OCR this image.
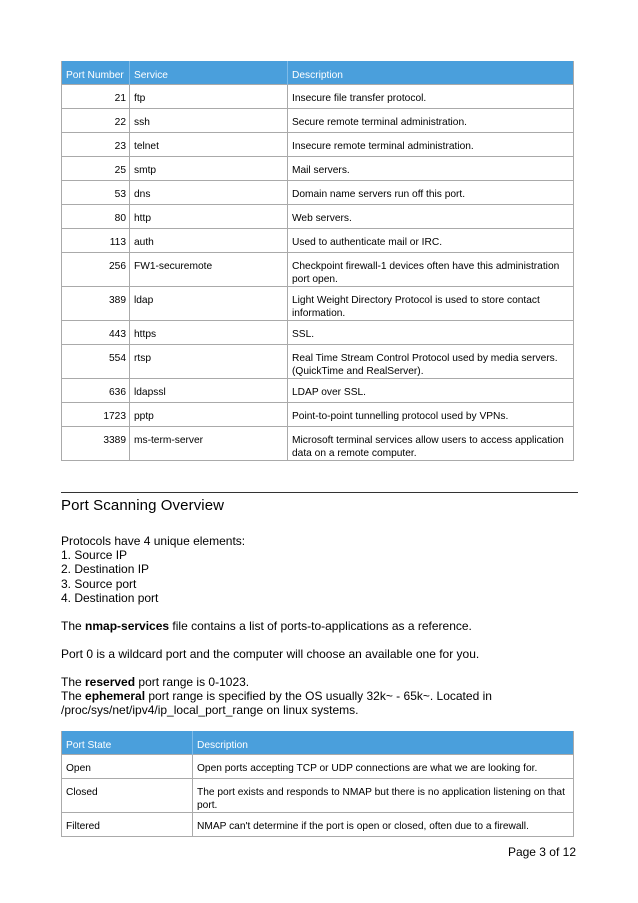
Port Number	Service	Description
21	ftp	Insecure file transfer protocol.
22	ssh	Secure remote terminal administration.
23	telnet	Insecure remote terminal administration.
25	smtp	Mail servers.
53	dns	Domain name servers run off this port.
80	http	Web servers.
113	auth	Used to authenticate mail or IRC.
256	FW1-securemote	Checkpoint firewall-1 devices often have this administration port open.
389	ldap	Light Weight Directory Protocol is used to store contact information.
443	https	SSL.
554	rtsp	Real Time Stream Control Protocol used by media servers. (QuickTime and RealServer).
636	ldapssl	LDAP over SSL.
1723	pptp	Point-to-point tunnelling protocol used by VPNs.
3389	ms-term-server	Microsoft terminal services allow users to access application data on a remote computer.
Port Scanning Overview

Protocols have 4 unique elements:

1. Source IP
2. Destination IP
3. Source port
4. Destination port

The nmap-services file contains a list of ports-to-applications as a reference.

Port 0 is a wildcard port and the computer will choose an available one for you.

The reserved port range is 0-1023.

The ephemeral port range is specified by the OS usually 32k~ - 65k~. Located in /proc/sys/net/ipv4/ip_local_port_range on linux systems.

Port State	Description
Open	Open ports accepting TCP or UDP connections are what we are looking for.
Closed	The port exists and responds to NMAP but there is no application listening on that port.
Filtered	NMAP can't determine if the port is open or closed, often due to a firewall.
Page 3 of 12
